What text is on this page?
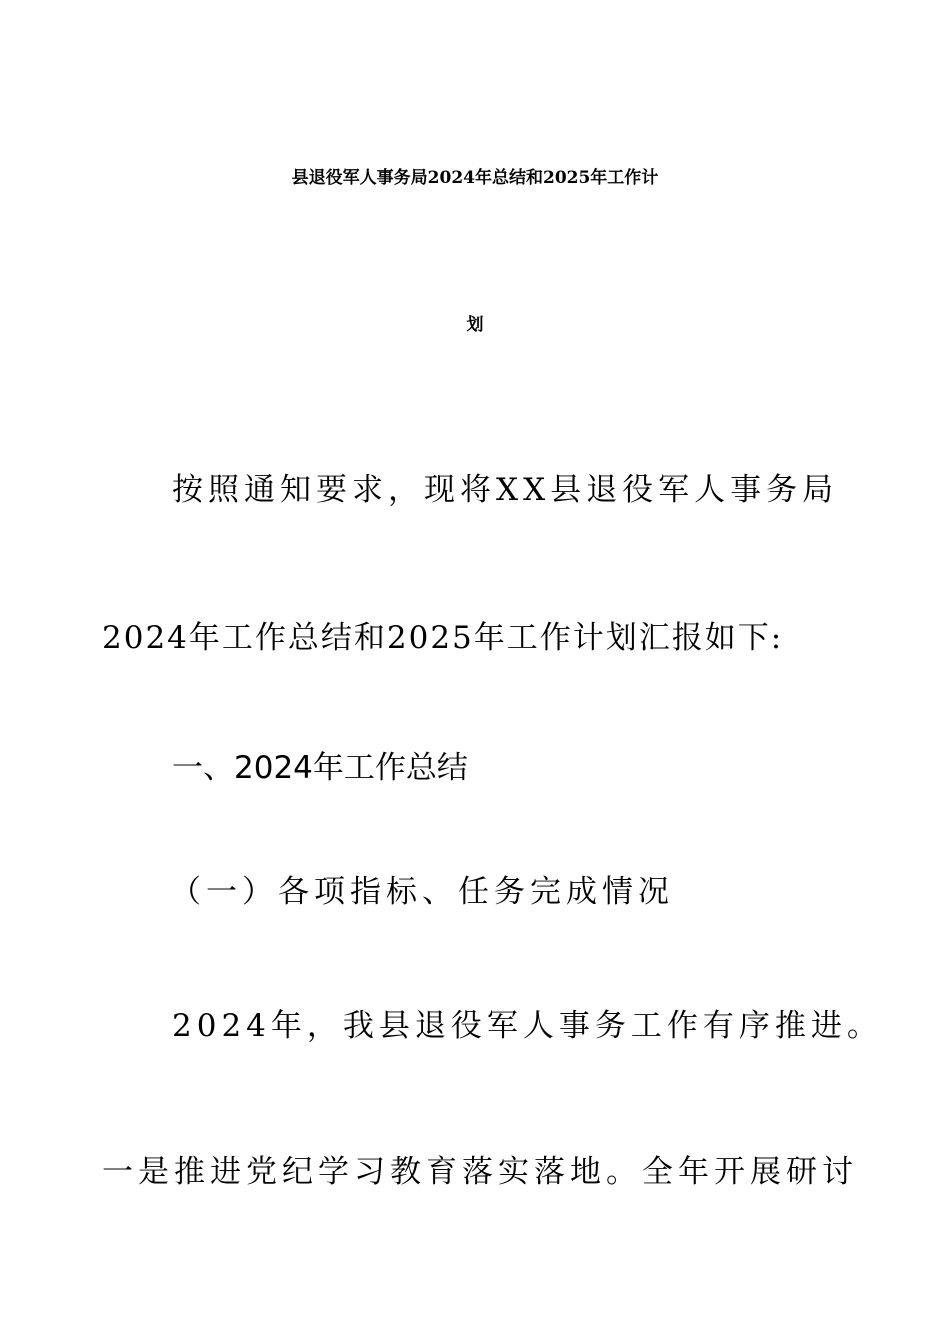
县退役军人事务局2024年总结和2025年工作计
划
按照通知要求，现将XX县退役军人事务局
2024年工作总结和2025年工作计划汇报如下:
一、2024年工作总结
（一）各项指标、任务完成情况
2024年，我县退役军人事务工作有序推进。
一是推进党纪学习教育落实落地。全年开展研讨
